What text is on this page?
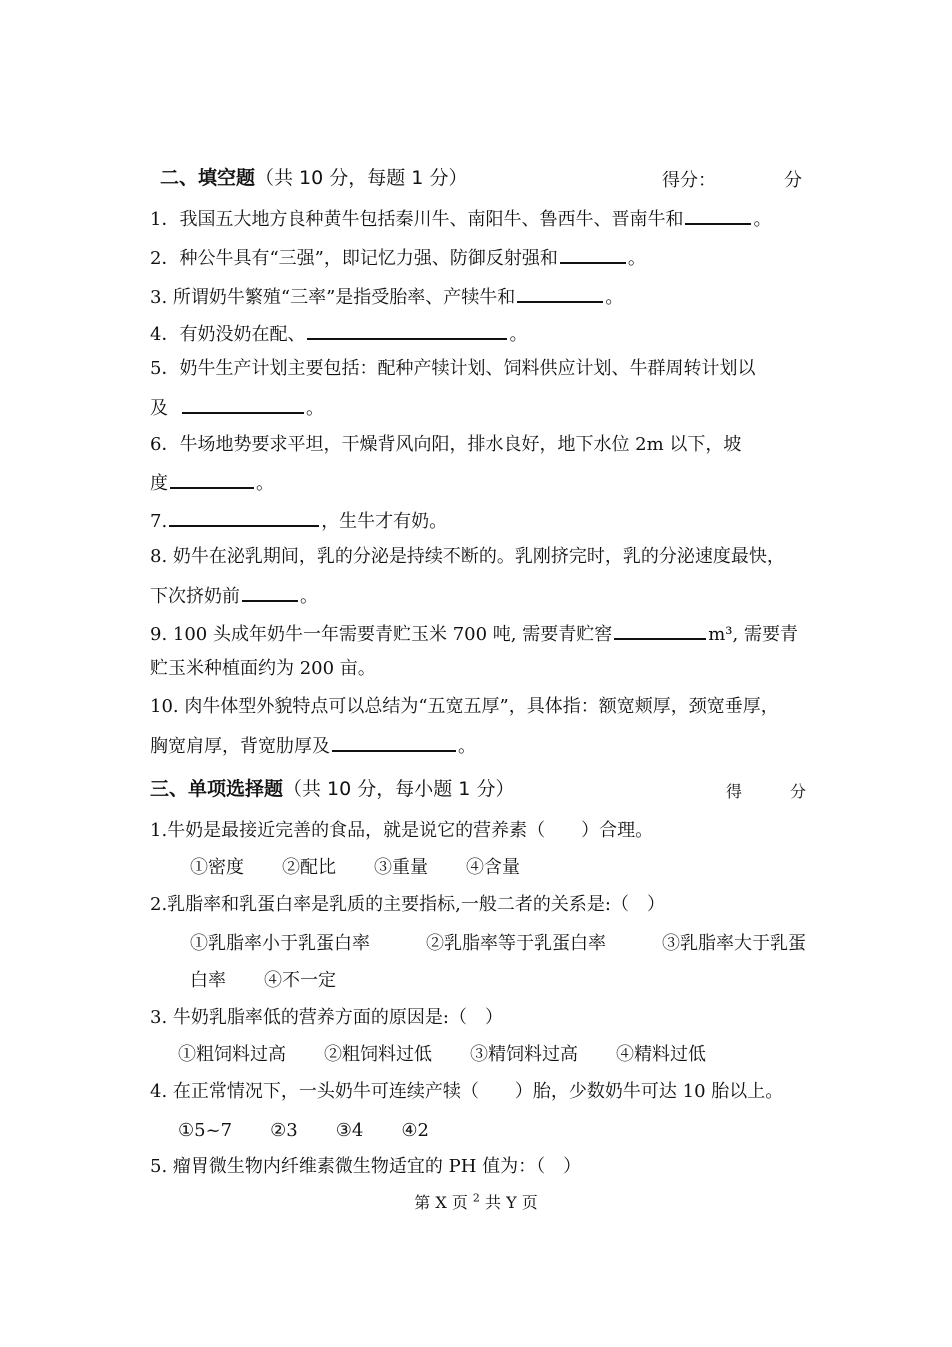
二、填空题（共 10 分，每题 1 分）	得分：	分
1．我国五大地方良种黄牛包括秦川牛、南阳牛、鲁西牛、晋南牛和	。
2．种公牛具有“三强”，即记忆力强、防御反射强和	。
3. 所谓奶牛繁殖“三率”是指受胎率、产犊牛和	。
4．有奶没奶在配、	。
5．奶牛生产计划主要包括：配种产犊计划、饲料供应计划、牛群周转计划以
及	。
6．牛场地势要求平坦，干燥背风向阳，排水良好，地下水位 2m 以下，坡
度	。
7.	，生牛才有奶。
8. 奶牛在泌乳期间，乳的分泌是持续不断的。乳刚挤完时，乳的分泌速度最快，
下次挤奶前	。
9. 100 头成年奶牛一年需要青贮玉米 700 吨, 需要青贮窖	m³, 需要青
贮玉米种植面约为 200 亩。
10. 肉牛体型外貌特点可以总结为“五宽五厚”，具体指：额宽颊厚，颈宽垂厚，
胸宽肩厚，背宽肋厚及	。
三、单项选择题（共 10 分，每小题 1 分）	得	分
1.牛奶是最接近完善的食品，就是说它的营养素（　　）合理。
①密度 ②配比 ③重量 ④含量
2.乳脂率和乳蛋白率是乳质的主要指标,一般二者的关系是:（　）
①乳脂率小于乳蛋白率	②乳脂率等于乳蛋白率	③乳脂率大于乳蛋
白率 ④不一定
3. 牛奶乳脂率低的营养方面的原因是:（　）
①粗饲料过高 ②粗饲料过低 ③精饲料过高 ④精料过低
4. 在正常情况下，一头奶牛可连续产犊（　　）胎，少数奶牛可达 10 胎以上。
①5~7 ②3 ③4 ④2
5. 瘤胃微生物内纤维素微生物适宜的 PH 值为：（　）
第 X 页 $^2$ 共 Y 页
